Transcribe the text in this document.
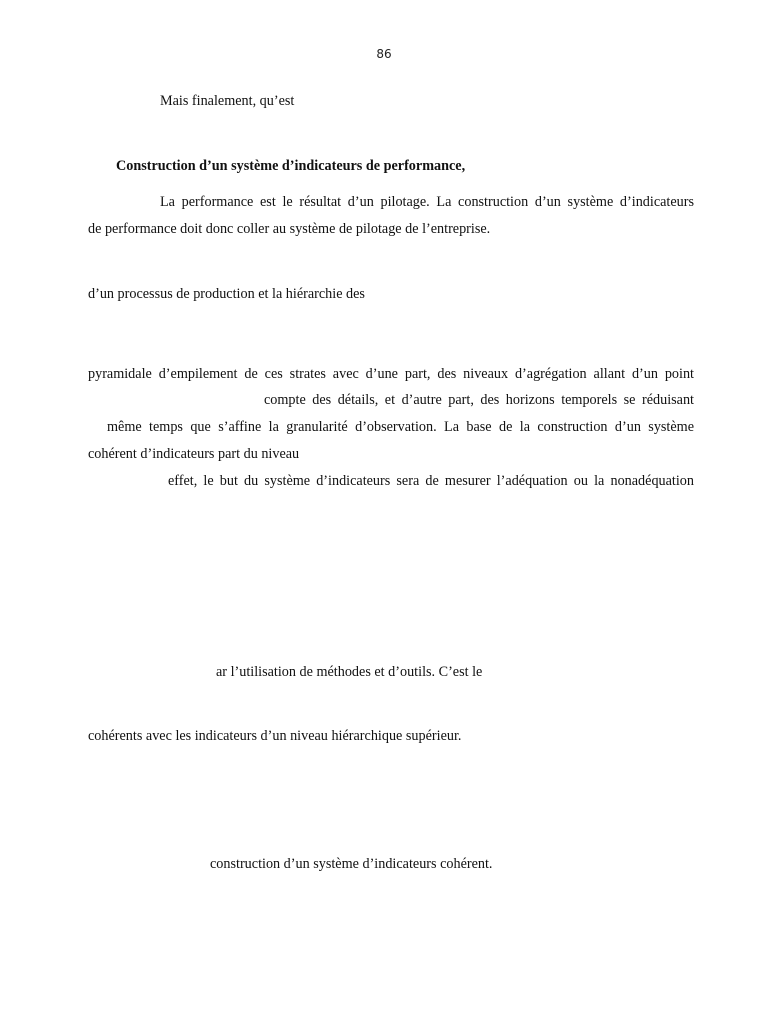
86
Mais finalement, qu’est
Construction d’un système d’indicateurs de performance,
La performance est le résultat d’un pilotage. La construction d’un système d’indicateurs
de performance doit donc coller au système de pilotage de l’entreprise.
d’un processus de production et la hiérarchie des
pyramidale d’empilement de ces strates avec d’une part, des niveaux d’agrégation allant d’un point
compte des détails, et d’autre part, des horizons temporels se réduisant
même temps que s’affine la granularité d’observation. La base de la construction d’un système
cohérent d’indicateurs part du niveau
effet, le but du système d’indicateurs sera de mesurer l’adéquation ou la nonadéquation
ar l’utilisation de méthodes et d’outils. C’est le
cohérents avec les indicateurs d’un niveau hiérarchique supérieur.
construction d’un système d’indicateurs cohérent.
